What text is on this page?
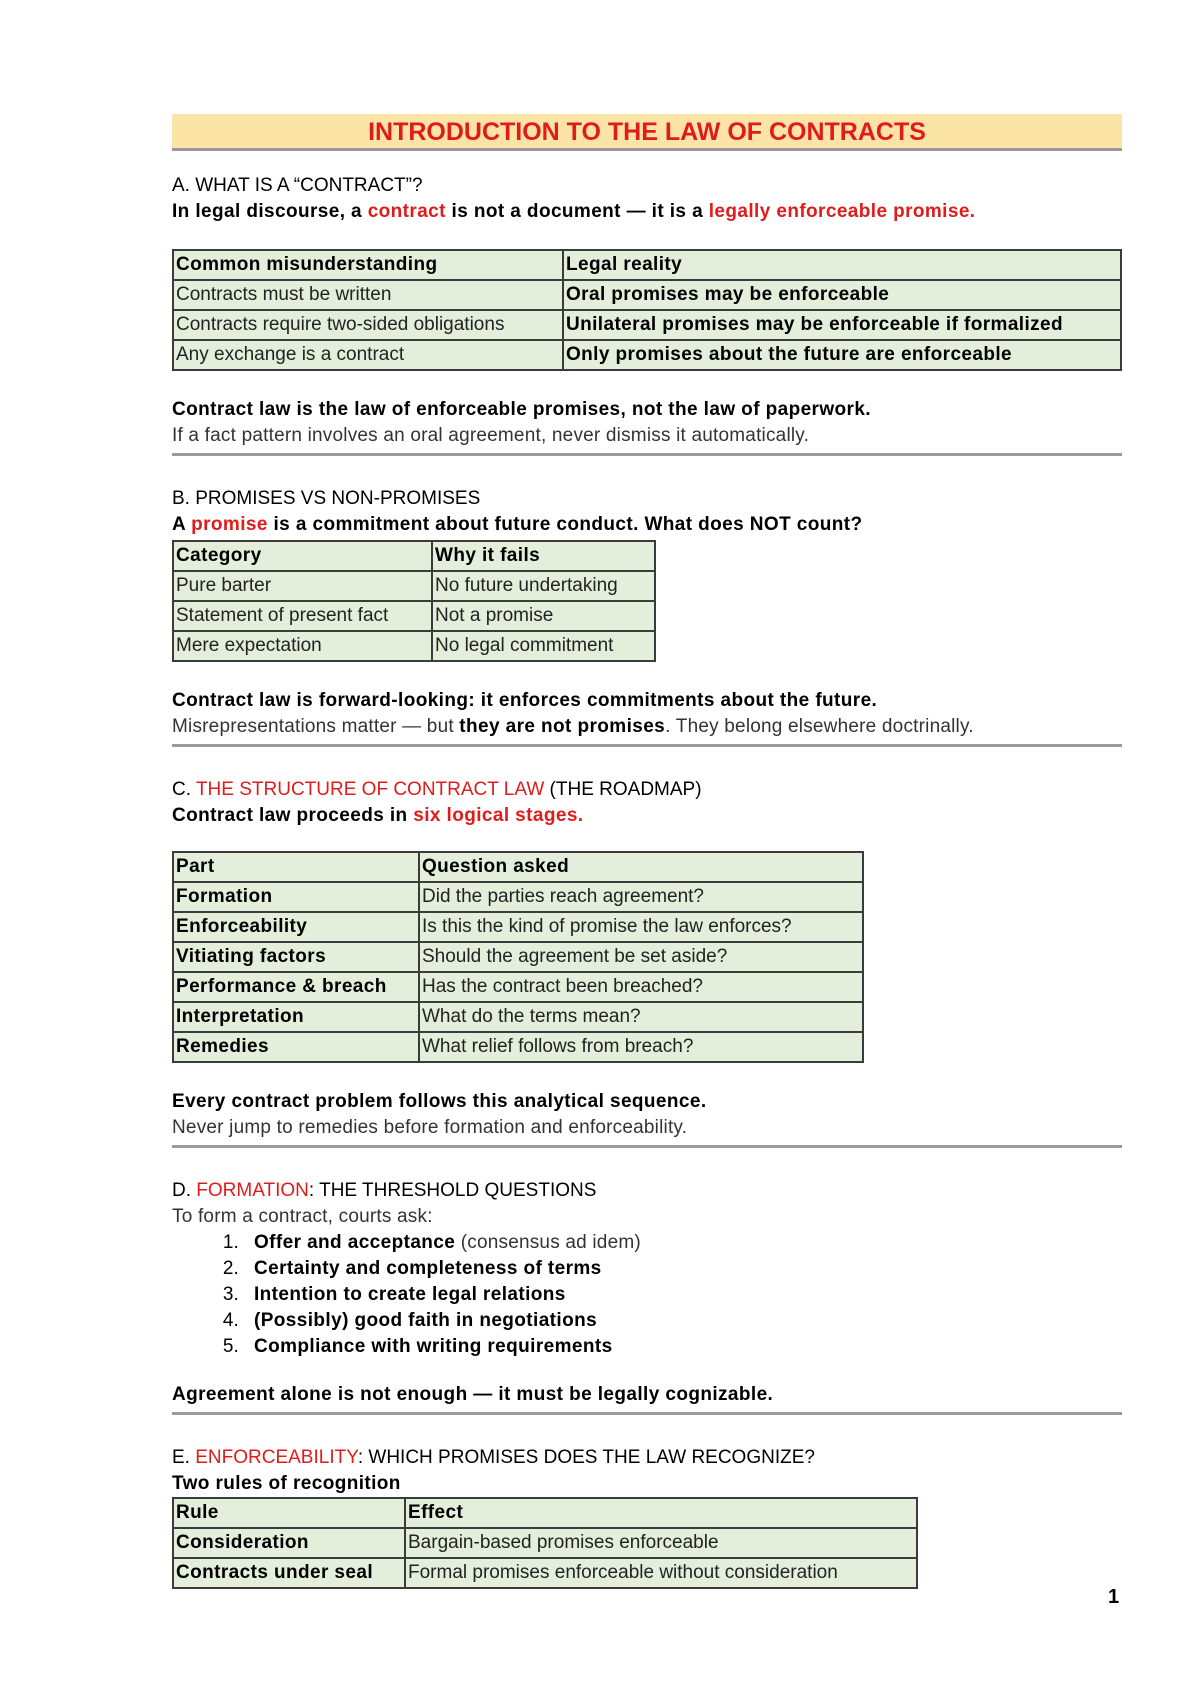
INTRODUCTION TO THE LAW OF CONTRACTS
A. WHAT IS A “CONTRACT”?
In legal discourse, a contract is not a document — it is a legally enforceable promise.
Common misunderstanding	Legal reality
Contracts must be written	Oral promises may be enforceable
Contracts require two-sided obligations	Unilateral promises may be enforceable if formalized
Any exchange is a contract	Only promises about the future are enforceable
Contract law is the law of enforceable promises, not the law of paperwork.
If a fact pattern involves an oral agreement, never dismiss it automatically.
B. PROMISES VS NON-PROMISES
A promise is a commitment about future conduct. What does NOT count?
Category	Why it fails
Pure barter	No future undertaking
Statement of present fact	Not a promise
Mere expectation	No legal commitment
Contract law is forward-looking: it enforces commitments about the future.
Misrepresentations matter — but they are not promises. They belong elsewhere doctrinally.
C. THE STRUCTURE OF CONTRACT LAW (THE ROADMAP)
Contract law proceeds in six logical stages.
Part	Question asked
Formation	Did the parties reach agreement?
Enforceability	Is this the kind of promise the law enforces?
Vitiating factors	Should the agreement be set aside?
Performance & breach	Has the contract been breached?
Interpretation	What do the terms mean?
Remedies	What relief follows from breach?
Every contract problem follows this analytical sequence.
Never jump to remedies before formation and enforceability.
D. FORMATION: THE THRESHOLD QUESTIONS
To form a contract, courts ask:
1. Offer and acceptance (consensus ad idem)
2. Certainty and completeness of terms
3. Intention to create legal relations
4. (Possibly) good faith in negotiations
5. Compliance with writing requirements
Agreement alone is not enough — it must be legally cognizable.
E. ENFORCEABILITY: WHICH PROMISES DOES THE LAW RECOGNIZE?
Two rules of recognition
Rule	Effect
Consideration	Bargain-based promises enforceable
Contracts under seal	Formal promises enforceable without consideration
1
